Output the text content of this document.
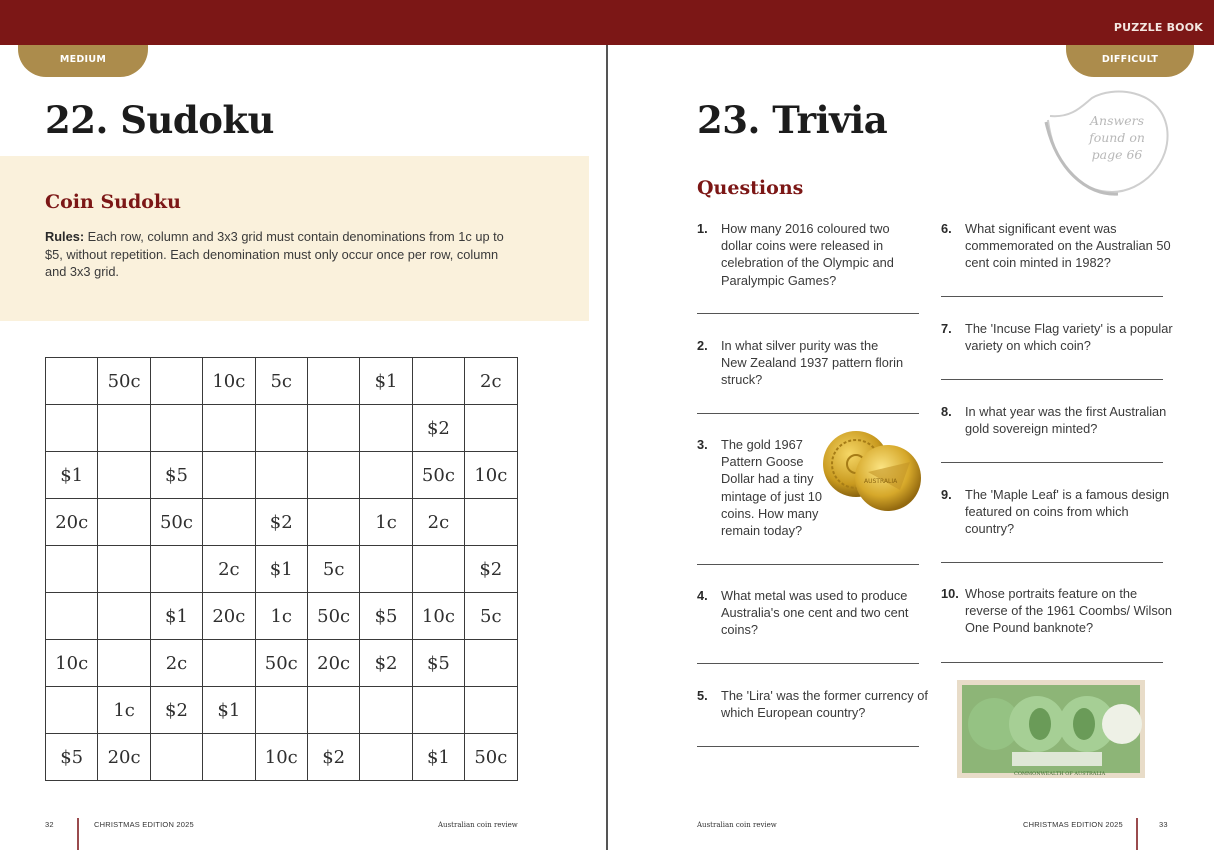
PUZZLE BOOK
MEDIUM
22. Sudoku
Coin Sudoku

Rules: Each row, column and 3x3 grid must contain denominations from 1c up to $5, without repetition. Each denomination must only occur once per row, column and 3x3 grid.

	50c		10c	5c		$1		2c
							$2	
$1		$5					50c	10c
20c		50c		$2		1c	2c	
			2c	$1	5c			$2
		$1	20c	1c	50c	$5	10c	5c
10c		2c		50c	20c	$2	$5	
	1c	$2	$1					
$5	20c			10c	$2		$1	50c
32	CHRISTMAS EDITION 2025	Australian coin review
DIFFICULT
23. Trivia	Answers
found on
page 66
Questions
1.	How many 2016 coloured two dollar coins were released in celebration of the Olympic and Paralympic Games?
2.	In what silver purity was the New Zealand 1937 pattern florin struck?
3.	The gold 1967 Pattern Goose Dollar had a tiny mintage of just 10 coins. How many remain today?
AUSTRALIA
4.	What metal was used to produce Australia's one cent and two cent coins?
5.	The 'Lira' was the former currency of which European country?
6.	What significant event was commemorated on the Australian 50 cent coin minted in 1982?
7.	The 'Incuse Flag variety' is a popular variety on which coin?
8.	In what year was the first Australian gold sovereign minted?
9.	The 'Maple Leaf' is a famous design featured on coins from which country?
10. Whose portraits feature on the reverse of the 1961 Coombs/ Wilson One Pound banknote?
COMMONWEALTH OF AUSTRALIA
Australian coin review	CHRISTMAS EDITION 2025	33
